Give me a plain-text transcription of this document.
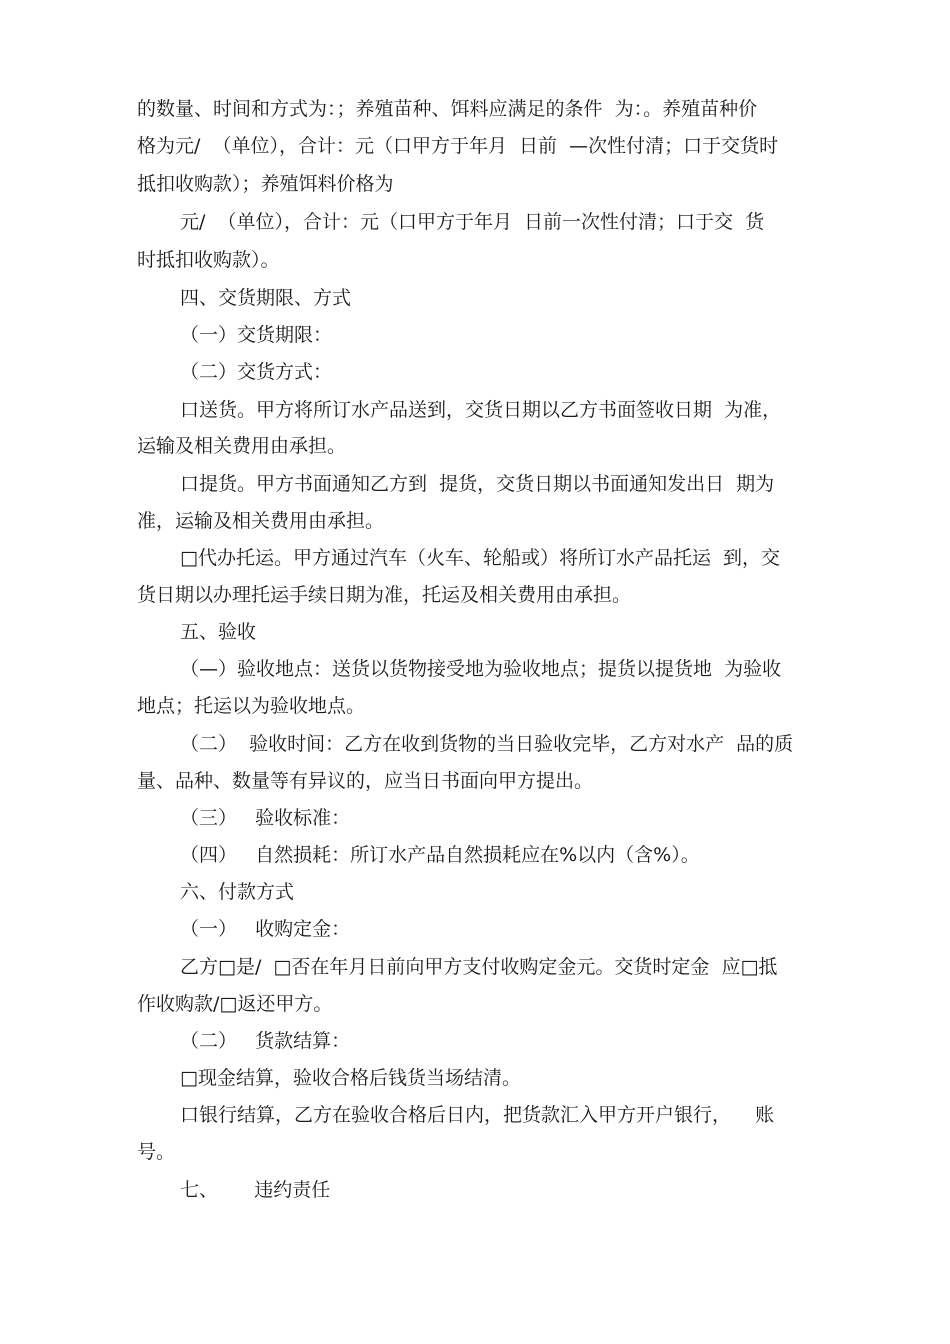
的数量、时间和方式为：；养殖苗种、饵料应满足的条件  为：。养殖苗种价
格为元/  （单位），合计：元（口甲方于年月  日前  —次性付清；口于交货时
抵扣收购款）；养殖饵料价格为
元/  （单位），合计：元（口甲方于年月  日前一次性付清；口于交  货
时抵扣收购款）。
四、交货期限、方式
（一）交货期限：
（二）交货方式：
口送货。甲方将所订水产品送到，交货日期以乙方书面签收日期  为准，
运输及相关费用由承担。
口提货。甲方书面通知乙方到  提货，交货日期以书面通知发出日  期为
准，运输及相关费用由承担。
□代办托运。甲方通过汽车（火车、轮船或）将所订水产品托运  到，交
货日期以办理托运手续日期为准，托运及相关费用由承担。
五、验收
（—）验收地点：送货以货物接受地为验收地点；提货以提货地  为验收
地点；托运以为验收地点。
（二）  验收时间：乙方在收到货物的当日验收完毕，乙方对水产  品的质
量、品种、数量等有异议的，应当日书面向甲方提出。
（三）   验收标准：
（四）   自然损耗：所订水产品自然损耗应在%以内（含%）。
六、付款方式
（一）   收购定金：
乙方□是/  □否在年月日前向甲方支付收购定金元。交货时定金  应□抵
作收购款/□返还甲方。
（二）   货款结算：
□现金结算，验收合格后钱货当场结清。
口银行结算，乙方在验收合格后日内，把货款汇入甲方开户银行，    账
号。
七、      违约责任
